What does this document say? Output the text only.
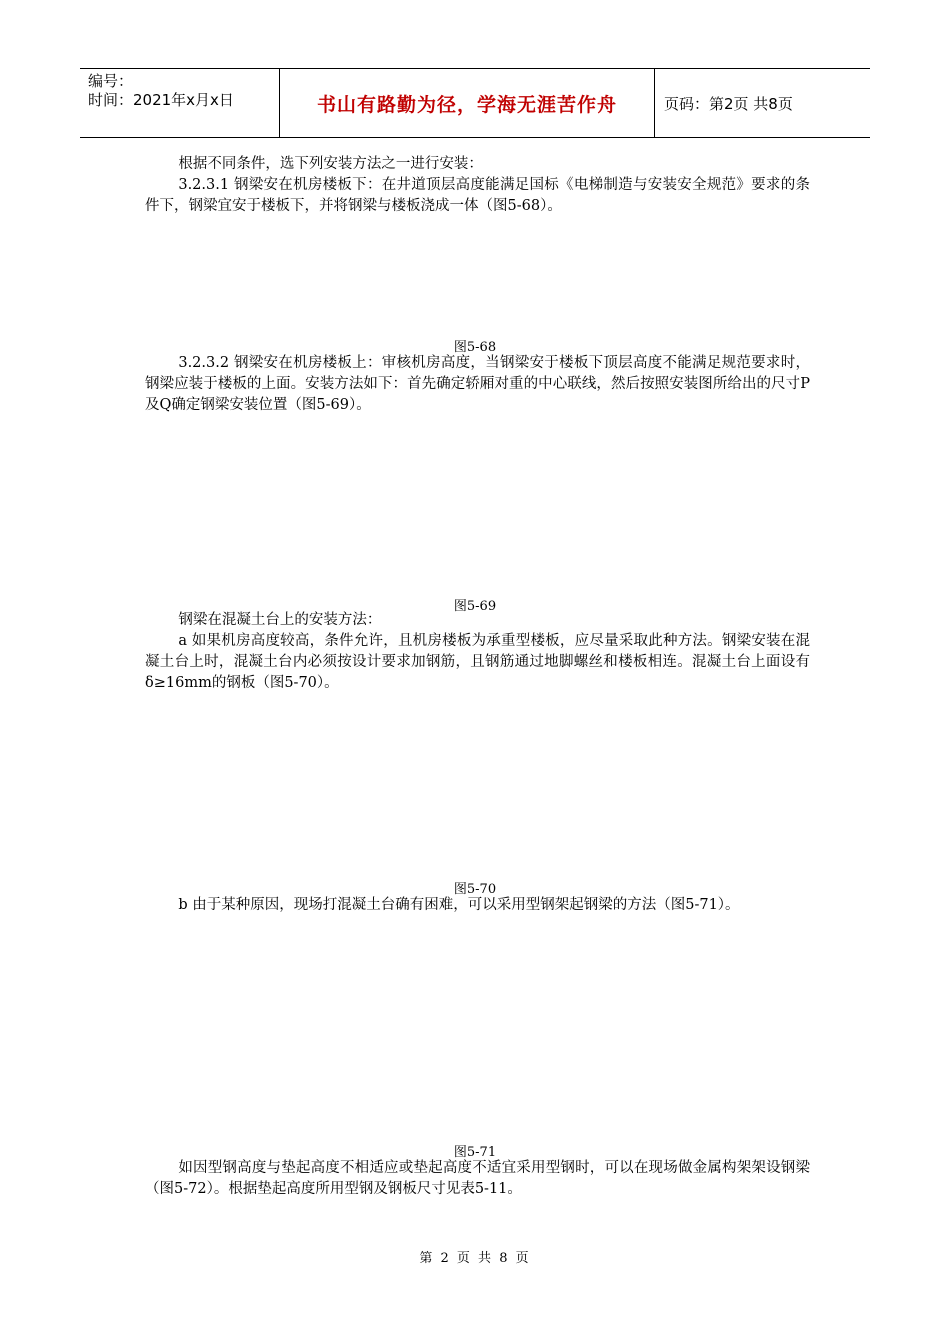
编号：
时间：2021年x月x日	书山有路勤为径，学海无涯苦作舟	页码：第2页 共8页

根据不同条件，选下列安装方法之一进行安装：

3.2.3.1 钢梁安在机房楼板下：在井道顶层高度能满足国标《电梯制造与安装安全规范》要求的条件下，钢梁宜安于楼板下，并将钢梁与楼板浇成一体（图5-68）。

图5-68

3.2.3.2 钢梁安在机房楼板上：审核机房高度，当钢梁安于楼板下顶层高度不能满足规范要求时，钢梁应装于楼板的上面。安装方法如下：首先确定轿厢对重的中心联线，然后按照安装图所给出的尺寸P及Q确定钢梁安装位置（图5-69）。

图5-69

钢梁在混凝土台上的安装方法：

a 如果机房高度较高，条件允许，且机房楼板为承重型楼板，应尽量采取此种方法。钢梁安装在混凝土台上时，混凝土台内必须按设计要求加钢筋，且钢筋通过地脚螺丝和楼板相连。混凝土台上面设有δ≥16mm的钢板（图5-70）。

图5-70

b 由于某种原因，现场打混凝土台确有困难，可以采用型钢架起钢梁的方法（图5-71）。

图5-71

如因型钢高度与垫起高度不相适应或垫起高度不适宜采用型钢时，可以在现场做金属构架架设钢梁（图5-72）。根据垫起高度所用型钢及钢板尺寸见表5-11。

第 2 页 共 8 页
